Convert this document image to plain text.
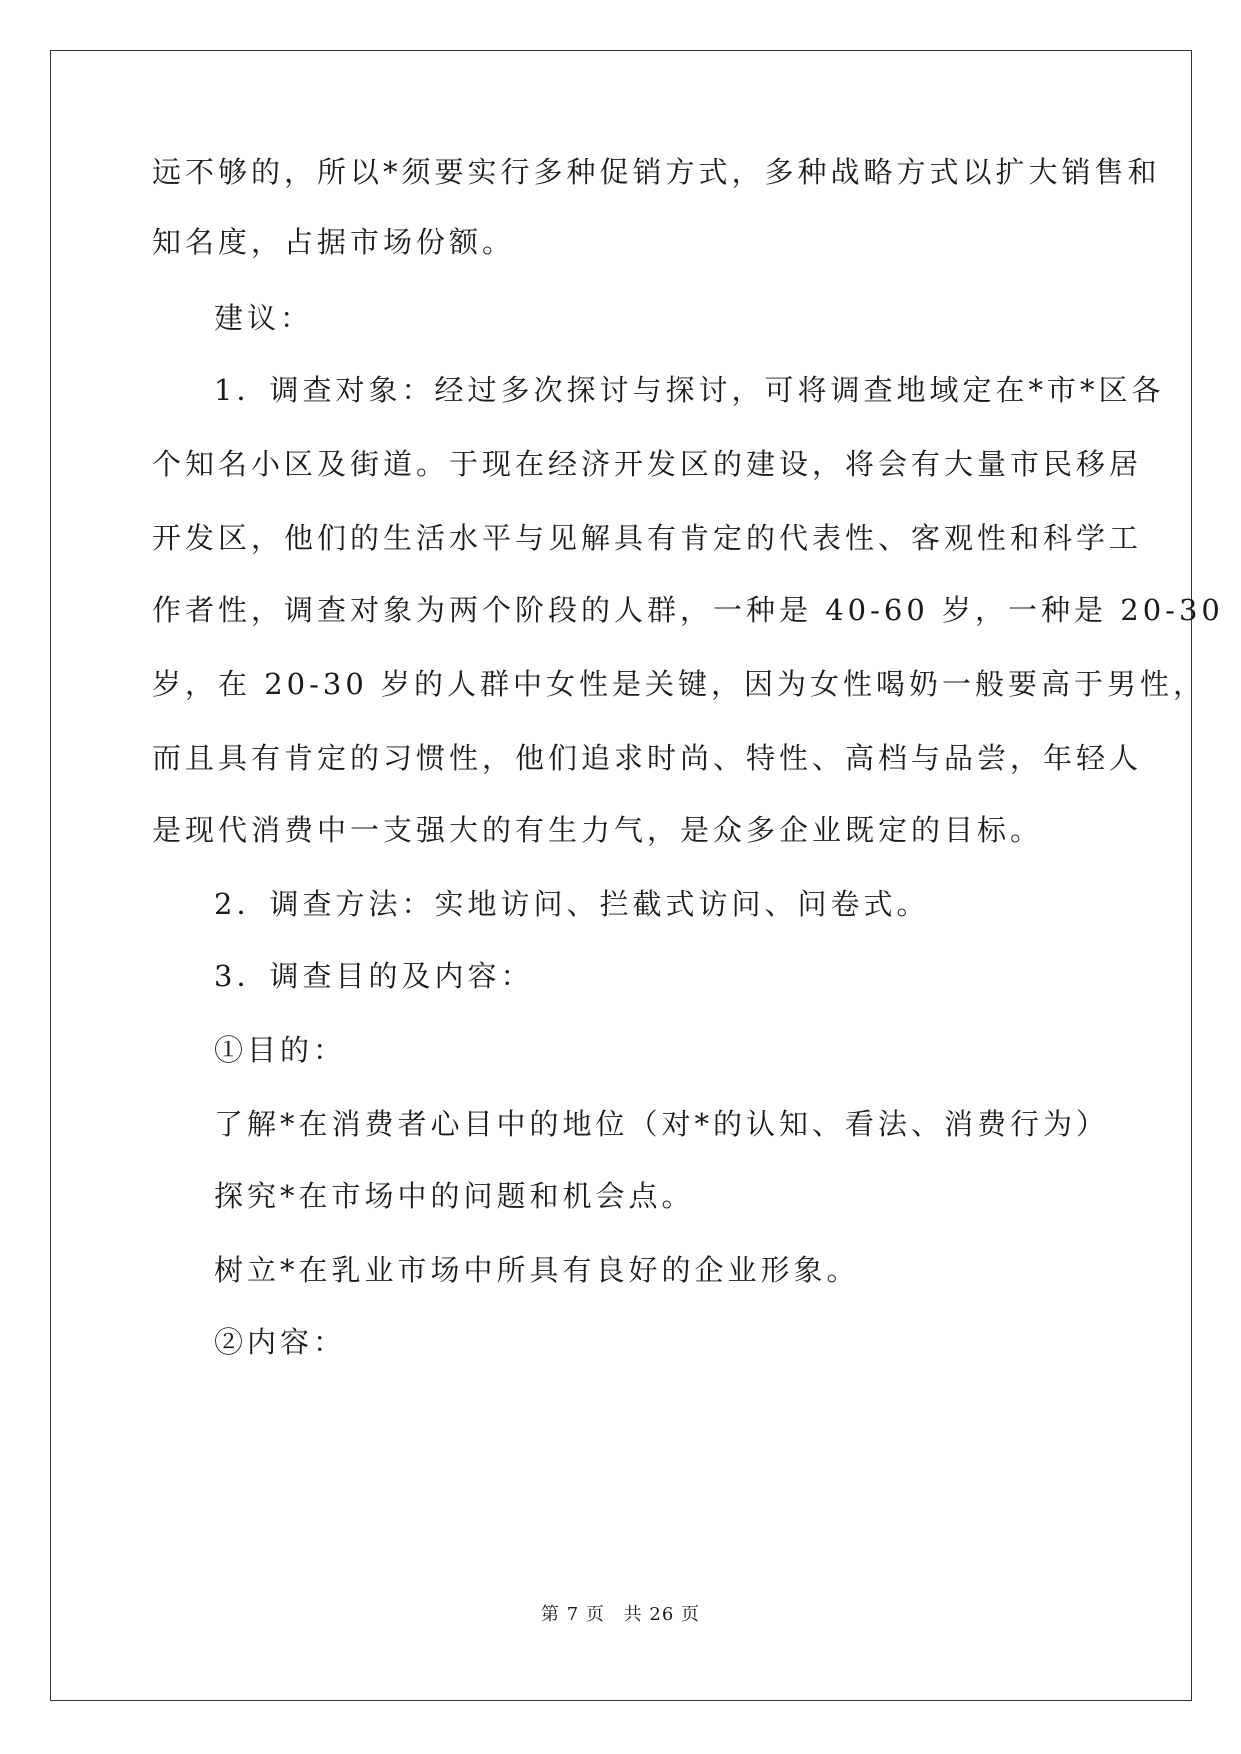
远不够的，所以*须要实行多种促销方式，多种战略方式以扩大销售和
知名度，占据市场份额。
建议：
1．调查对象：经过多次探讨与探讨，可将调查地域定在*市*区各
个知名小区及街道。于现在经济开发区的建设，将会有大量市民移居
开发区，他们的生活水平与见解具有肯定的代表性、客观性和科学工
作者性，调查对象为两个阶段的人群，一种是 40-60 岁，一种是 20-30
岁，在 20-30 岁的人群中女性是关键，因为女性喝奶一般要高于男性，
而且具有肯定的习惯性，他们追求时尚、特性、高档与品尝，年轻人
是现代消费中一支强大的有生力气，是众多企业既定的目标。
2．调查方法：实地访问、拦截式访问、问卷式。
3．调查目的及内容：
①目的：
了解*在消费者心目中的地位（对*的认知、看法、消费行为）
探究*在市场中的问题和机会点。
树立*在乳业市场中所具有良好的企业形象。
②内容：
第 7 页 共 26 页
